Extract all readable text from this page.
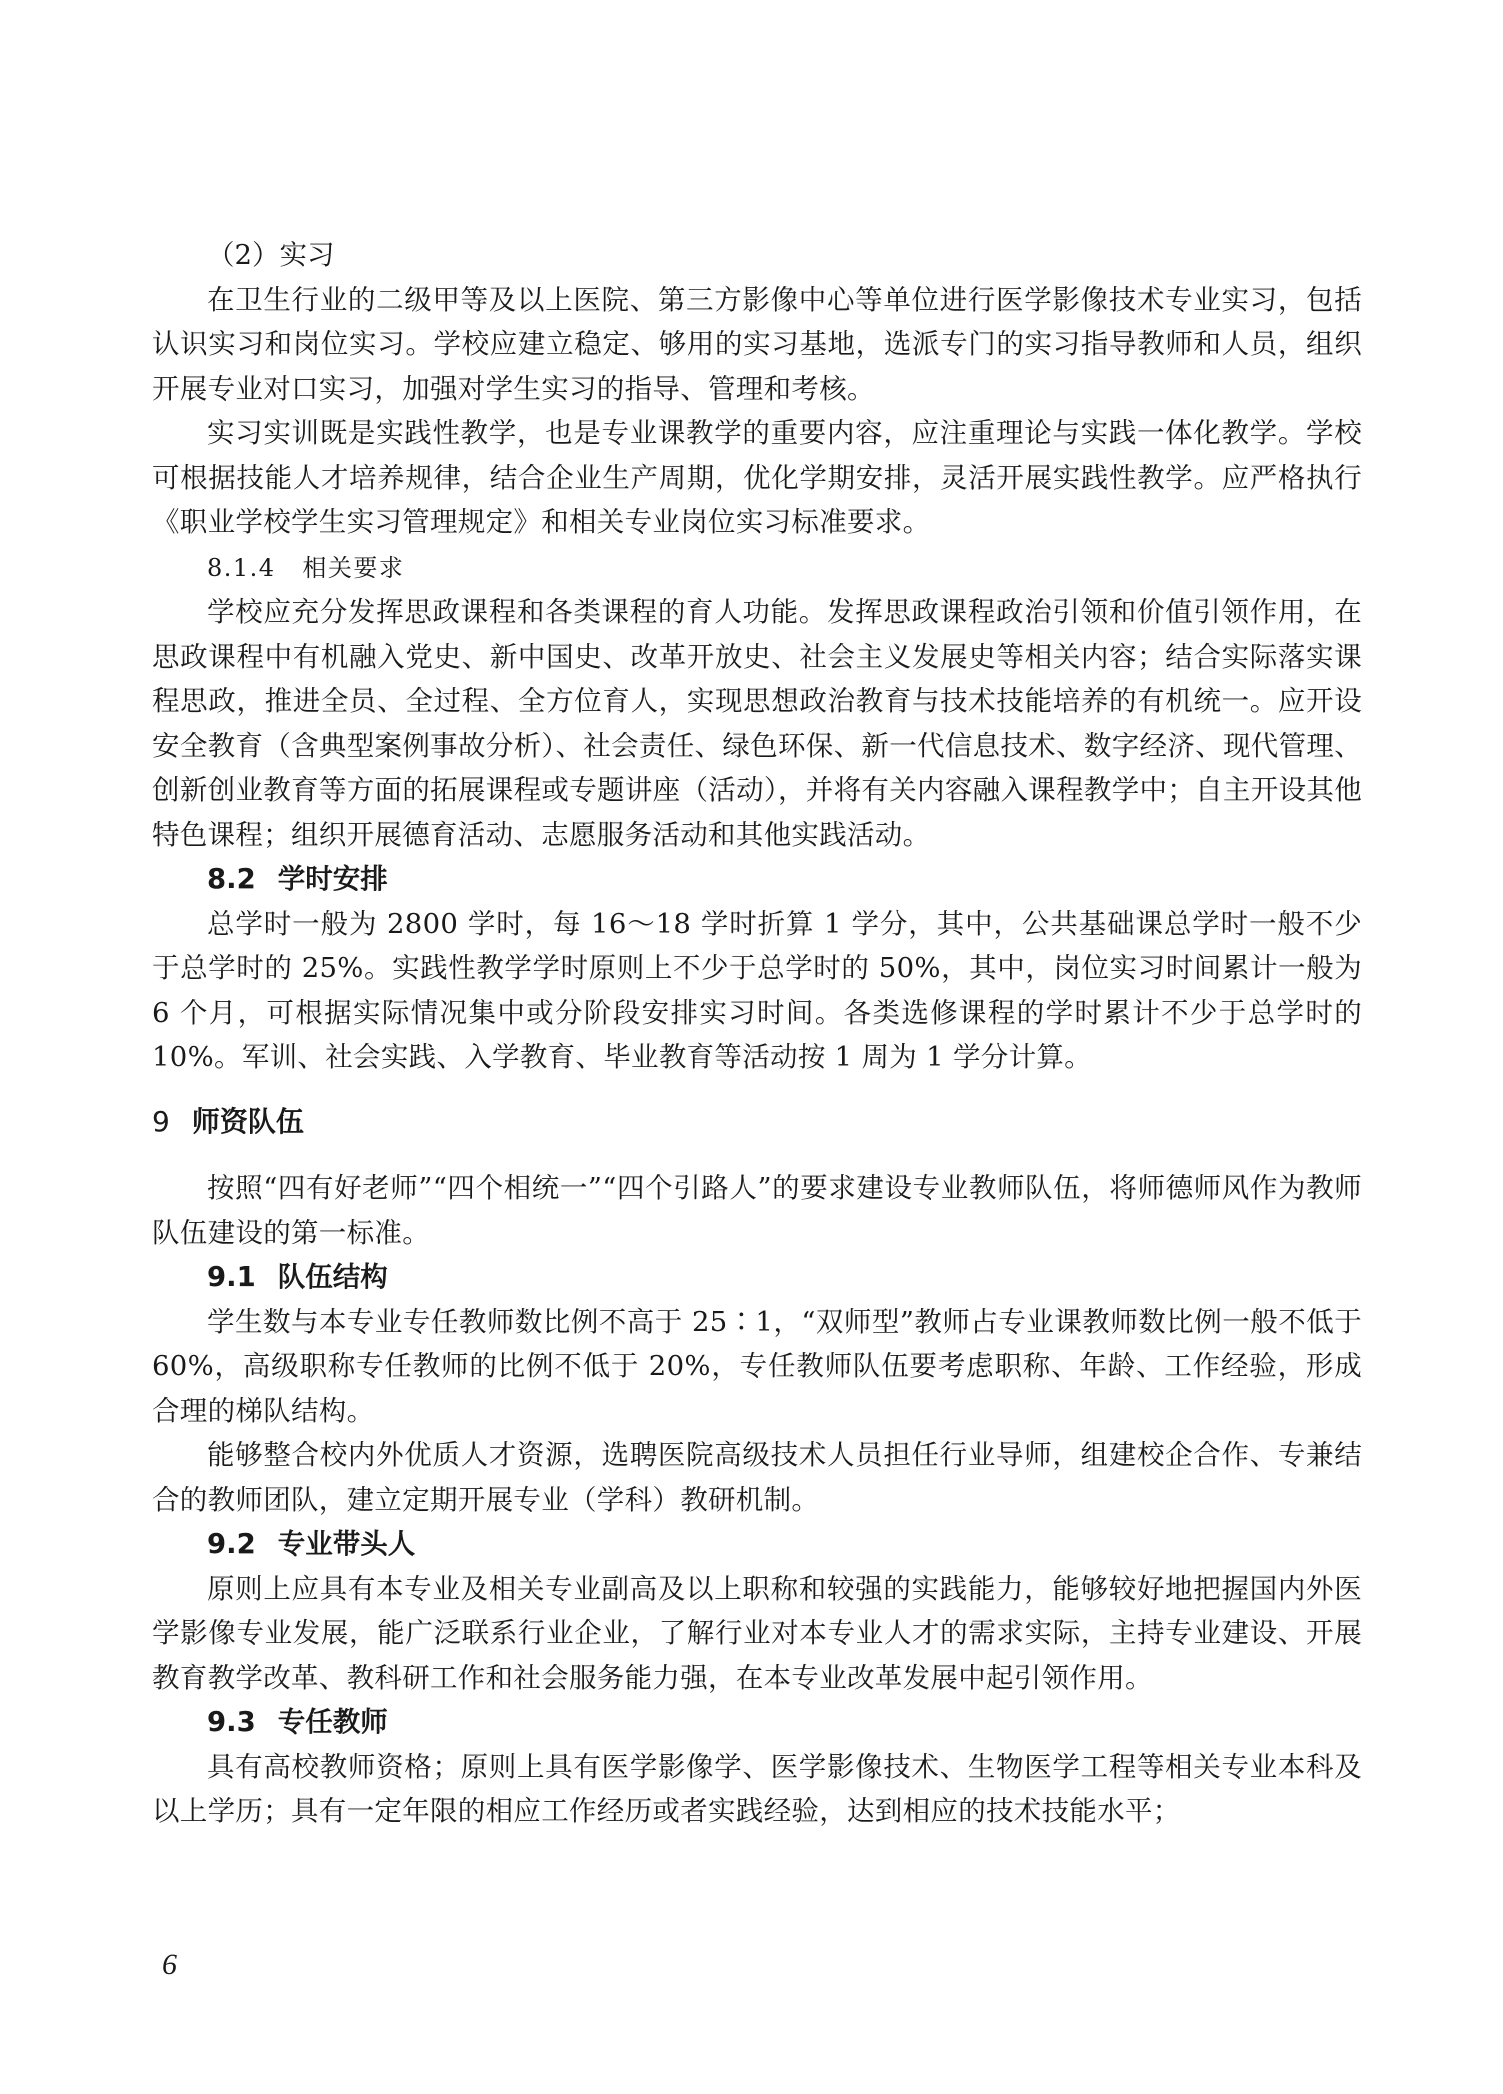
（2）实习

在卫生行业的二级甲等及以上医院、第三方影像中心等单位进行医学影像技术专业实习，包括认识实习和岗位实习。学校应建立稳定、够用的实习基地，选派专门的实习指导教师和人员，组织开展专业对口实习，加强对学生实习的指导、管理和考核。

实习实训既是实践性教学，也是专业课教学的重要内容，应注重理论与实践一体化教学。学校可根据技能人才培养规律，结合企业生产周期，优化学期安排，灵活开展实践性教学。应严格执行《职业学校学生实习管理规定》和相关专业岗位实习标准要求。

8.1.4 相关要求

学校应充分发挥思政课程和各类课程的育人功能。发挥思政课程政治引领和价值引领作用，在思政课程中有机融入党史、新中国史、改革开放史、社会主义发展史等相关内容；结合实际落实课程思政，推进全员、全过程、全方位育人，实现思想政治教育与技术技能培养的有机统一。应开设安全教育（含典型案例事故分析）、社会责任、绿色环保、新一代信息技术、数字经济、现代管理、创新创业教育等方面的拓展课程或专题讲座（活动），并将有关内容融入课程教学中；自主开设其他特色课程；组织开展德育活动、志愿服务活动和其他实践活动。

8.2 学时安排

总学时一般为 2800 学时，每 16～18 学时折算 1 学分，其中，公共基础课总学时一般不少于总学时的 25%。实践性教学学时原则上不少于总学时的 50%，其中，岗位实习时间累计一般为 6 个月，可根据实际情况集中或分阶段安排实习时间。各类选修课程的学时累计不少于总学时的 10%。军训、社会实践、入学教育、毕业教育等活动按 1 周为 1 学分计算。

9 师资队伍

按照“四有好老师”“四个相统一”“四个引路人”的要求建设专业教师队伍，将师德师风作为教师队伍建设的第一标准。

9.1 队伍结构

学生数与本专业专任教师数比例不高于 25∶1，“双师型”教师占专业课教师数比例一般不低于 60%，高级职称专任教师的比例不低于 20%，专任教师队伍要考虑职称、年龄、工作经验，形成合理的梯队结构。

能够整合校内外优质人才资源，选聘医院高级技术人员担任行业导师，组建校企合作、专兼结合的教师团队，建立定期开展专业（学科）教研机制。

9.2 专业带头人

原则上应具有本专业及相关专业副高及以上职称和较强的实践能力，能够较好地把握国内外医学影像专业发展，能广泛联系行业企业，了解行业对本专业人才的需求实际，主持专业建设、开展教育教学改革、教科研工作和社会服务能力强，在本专业改革发展中起引领作用。

9.3 专任教师

具有高校教师资格；原则上具有医学影像学、医学影像技术、生物医学工程等相关专业本科及以上学历；具有一定年限的相应工作经历或者实践经验，达到相应的技术技能水平；

6
